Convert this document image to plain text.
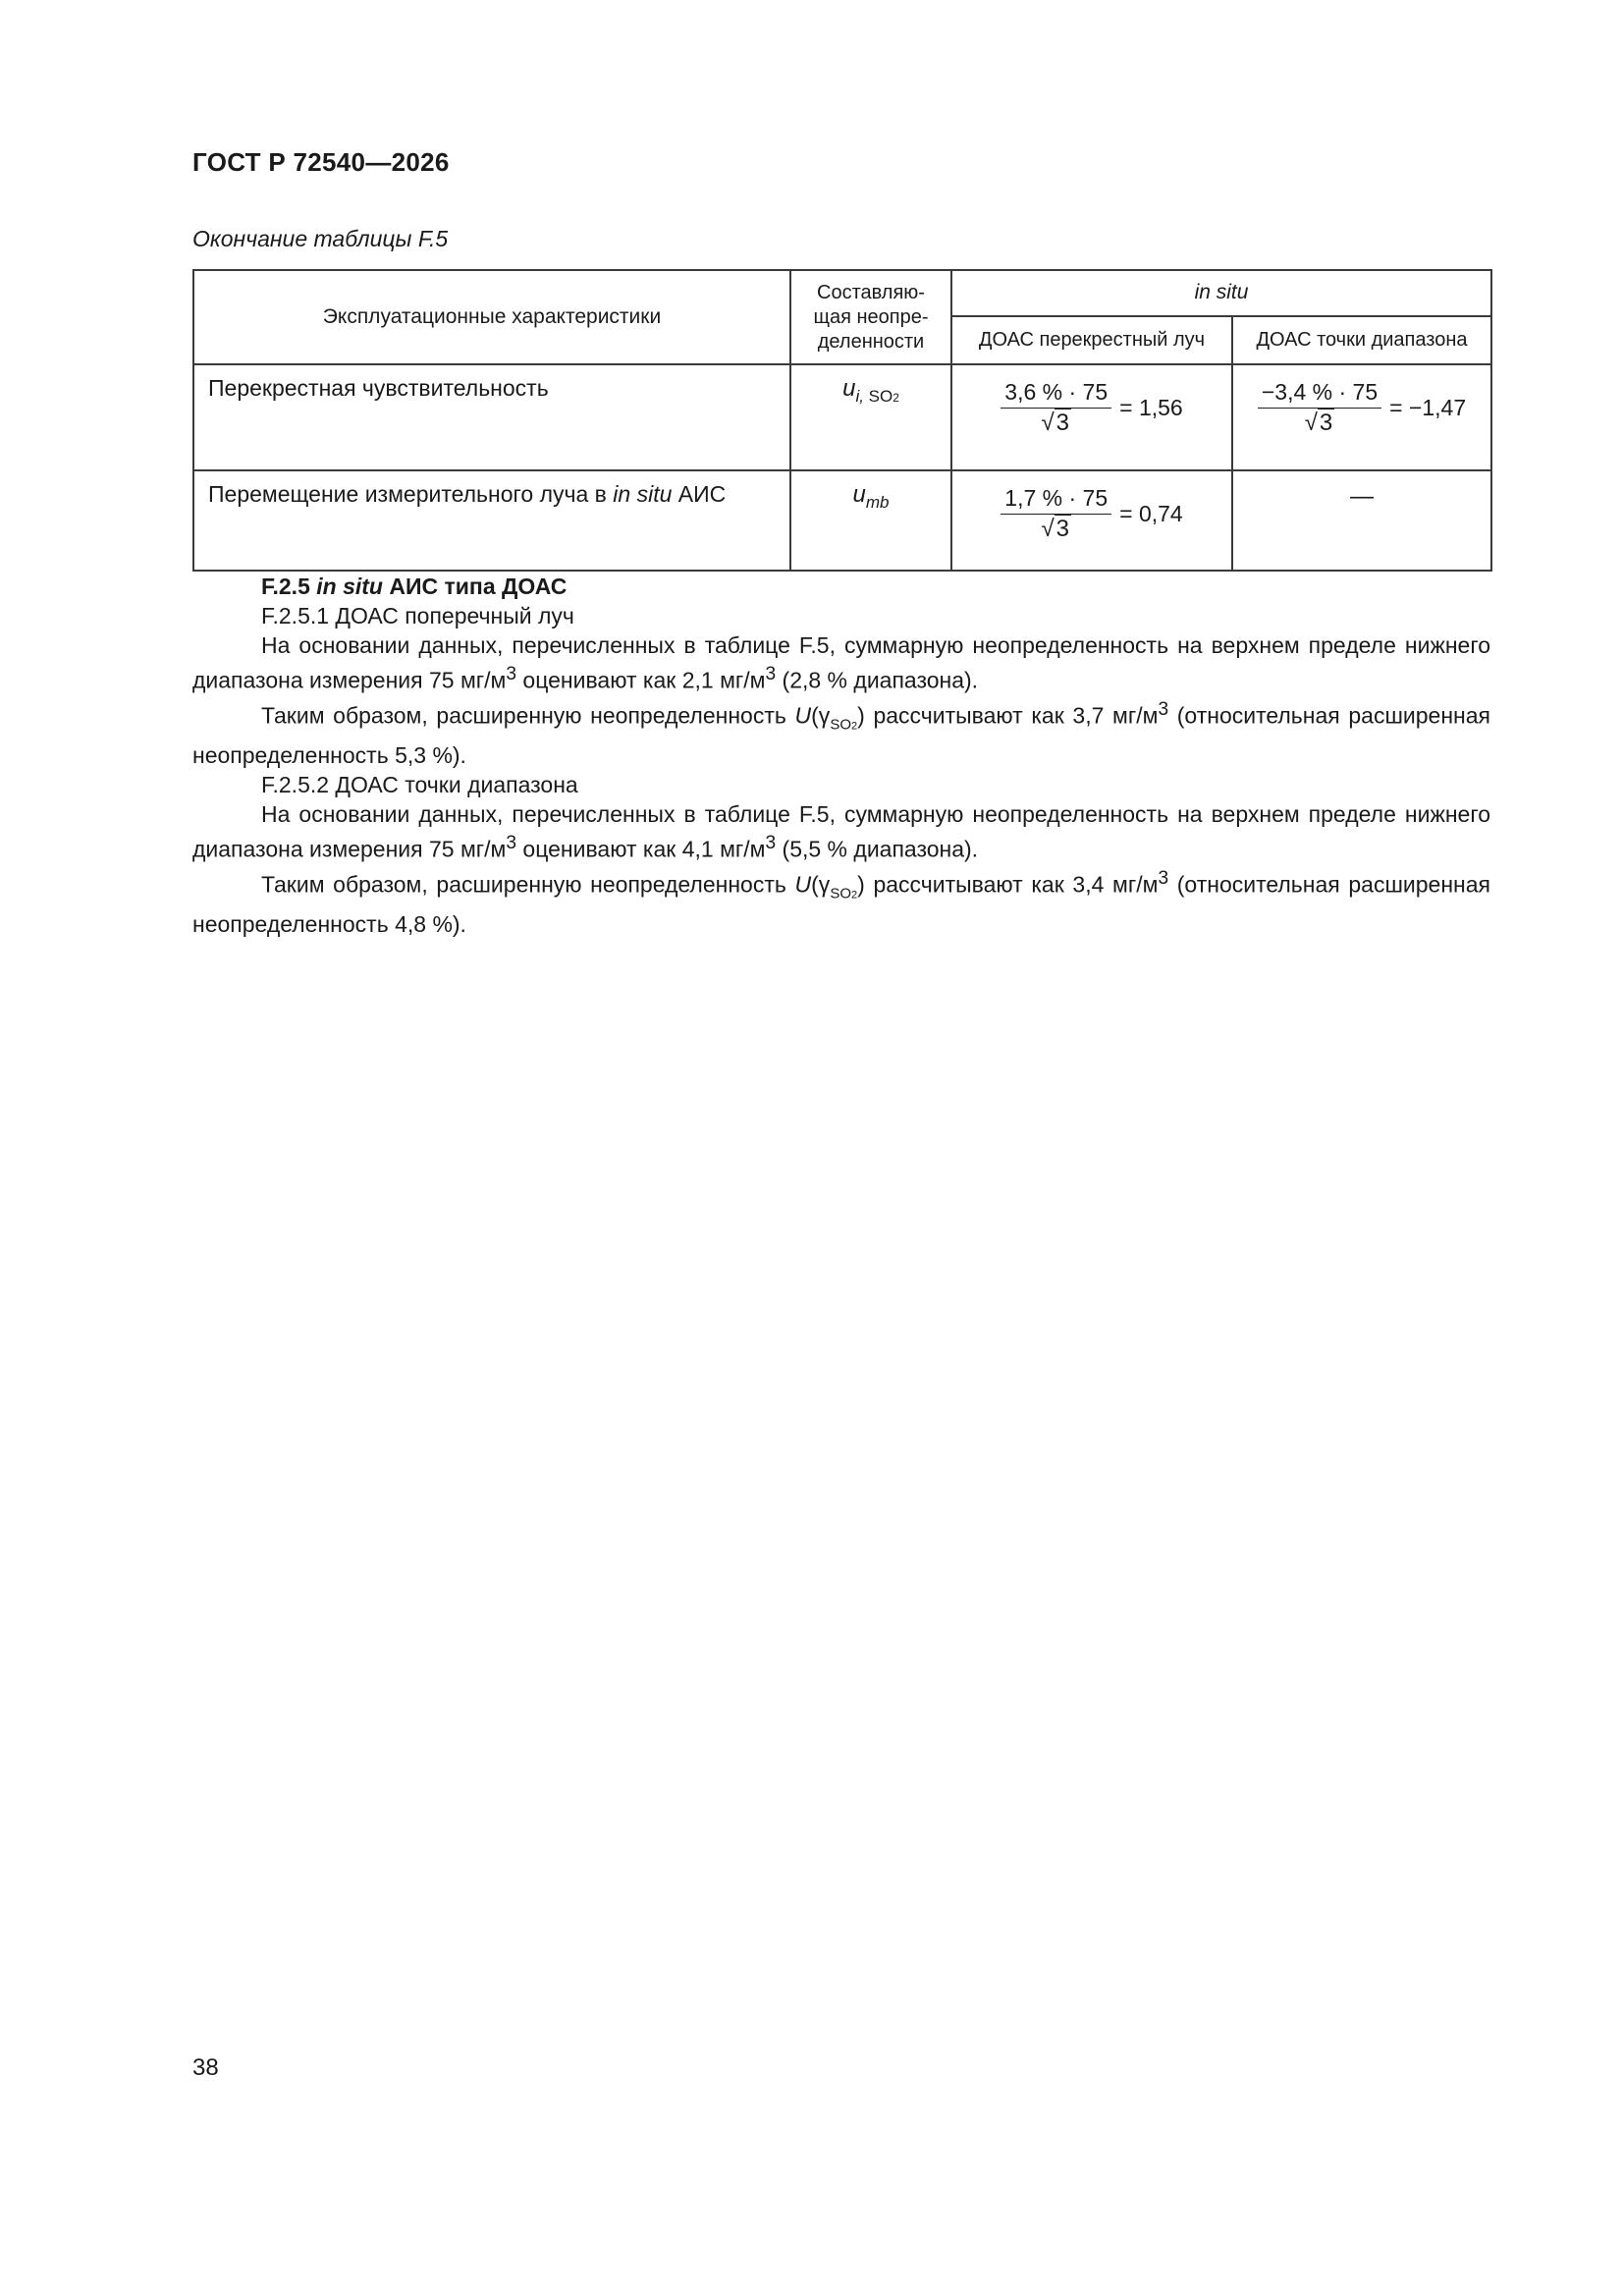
ГОСТ Р 72540—2026
Окончание таблицы F.5
Эксплуатационные характеристики	Составляю-
щая неопре-
деленности	in situ	
		ДОАС перекрестный луч	ДОАС точки диапазона
Перекрестная чувствительность	$u_{i, SO2}$	$\frac{3,6 \% \cdot 75}{√3} = 1,56$	$\frac{-3,4 \% \cdot 75}{√3} = -1,47$

Перемещение измерительного луча в in situ АИС	$u_{mb}$	$\frac{1,7 \% \cdot 75}{√3} = 0,74$	—

F.2.5 in situ АИС типа ДОАС

F.2.5.1 ДОАС поперечный луч

На основании данных, перечисленных в таблице F.5, суммарную неопределенность на верхнем пределе нижнего диапазона измерения 75 $мг/м^3$ оценивают как 2,1 $мг/м^3$ (2,8 % диапазона).

Таким образом, расширенную неопределенность $U(\gamma_{SO2})$ рассчитывают как 3,7 $мг/м^3$ (относительная расширенная неопределенность 5,3 %).

F.2.5.2 ДОАС точки диапазона

На основании данных, перечисленных в таблице F.5, суммарную неопределенность на верхнем пределе нижнего диапазона измерения 75 $мг/м^3$ оценивают как 4,1 $мг/м^3$ (5,5 % диапазона).

Таким образом, расширенную неопределенность $U(\gamma_{SO2})$ рассчитывают как 3,4 $мг/м^3$ (относительная расширенная неопределенность 4,8 %).

38
